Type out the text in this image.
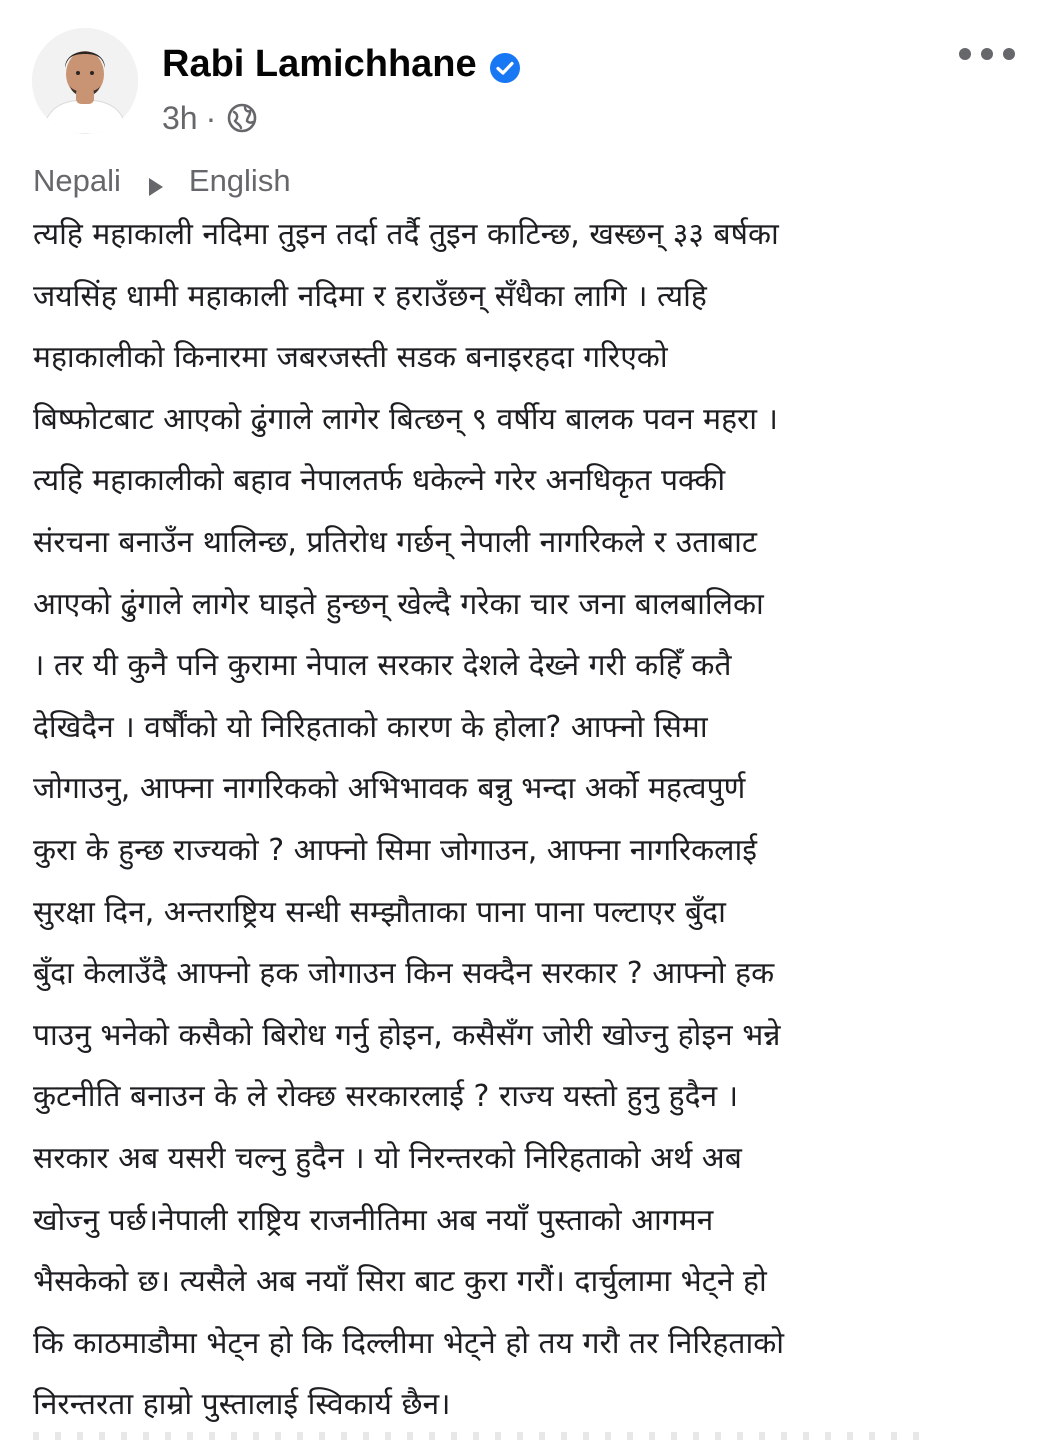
Rabi Lamichhane
3h ·
Nepali English
त्यहि महाकाली नदिमा तुइन तर्दा तर्दै तुइन काटिन्छ, खस्छन् ३३ बर्षका
जयसिंह धामी महाकाली नदिमा र हराउँछन् सँधैका लागि । त्यहि
महाकालीको किनारमा जबरजस्ती सडक बनाइरहदा गरिएको
बिष्फोटबाट आएको ढुंगाले लागेर बित्छन् ९ वर्षीय बालक पवन महरा ।
त्यहि महाकालीको बहाव नेपालतर्फ धकेल्ने गरेर अनधिकृत पक्की
संरचना बनाउँन थालिन्छ, प्रतिरोध गर्छन् नेपाली नागरिकले र उताबाट
आएको ढुंगाले लागेर घाइते हुन्छन् खेल्दै गरेका चार जना बालबालिका
। तर यी कुनै पनि कुरामा नेपाल सरकार देशले देख्ने गरी कहिँ कतै
देखिदैन । वर्षौंको यो निरिहताको कारण के होला? आफ्नो सिमा
जोगाउनु, आफ्ना नागरिकको अभिभावक बन्नु भन्दा अर्को महत्वपुर्ण
कुरा के हुन्छ राज्यको ? आफ्नो सिमा जोगाउन, आफ्ना नागरिकलाई
सुरक्षा दिन, अन्तराष्ट्रिय सन्धी सम्झौताका पाना पाना पल्टाएर बुँदा
बुँदा केलाउँदै आफ्नो हक जोगाउन किन सक्दैन सरकार ? आफ्नो हक
पाउनु भनेको कसैको बिरोध गर्नु होइन, कसैसँग जोरी खोज्नु होइन भन्ने
कुटनीति बनाउन के ले रोक्छ सरकारलाई ? राज्य यस्तो हुनु हुदैन ।
सरकार अब यसरी चल्नु हुदैन । यो निरन्तरको निरिहताको अर्थ अब
खोज्नु पर्छ।नेपाली राष्ट्रिय राजनीतिमा अब नयाँ पुस्ताको आगमन
भैसकेको छ। त्यसैले अब नयाँ सिरा बाट कुरा गरौं। दार्चुलामा भेट्ने हो
कि काठमाडौमा भेट्न हो कि दिल्लीमा भेट्ने हो तय गरौ तर निरिहताको
निरन्तरता हाम्रो पुस्तालाई स्विकार्य छैन।
